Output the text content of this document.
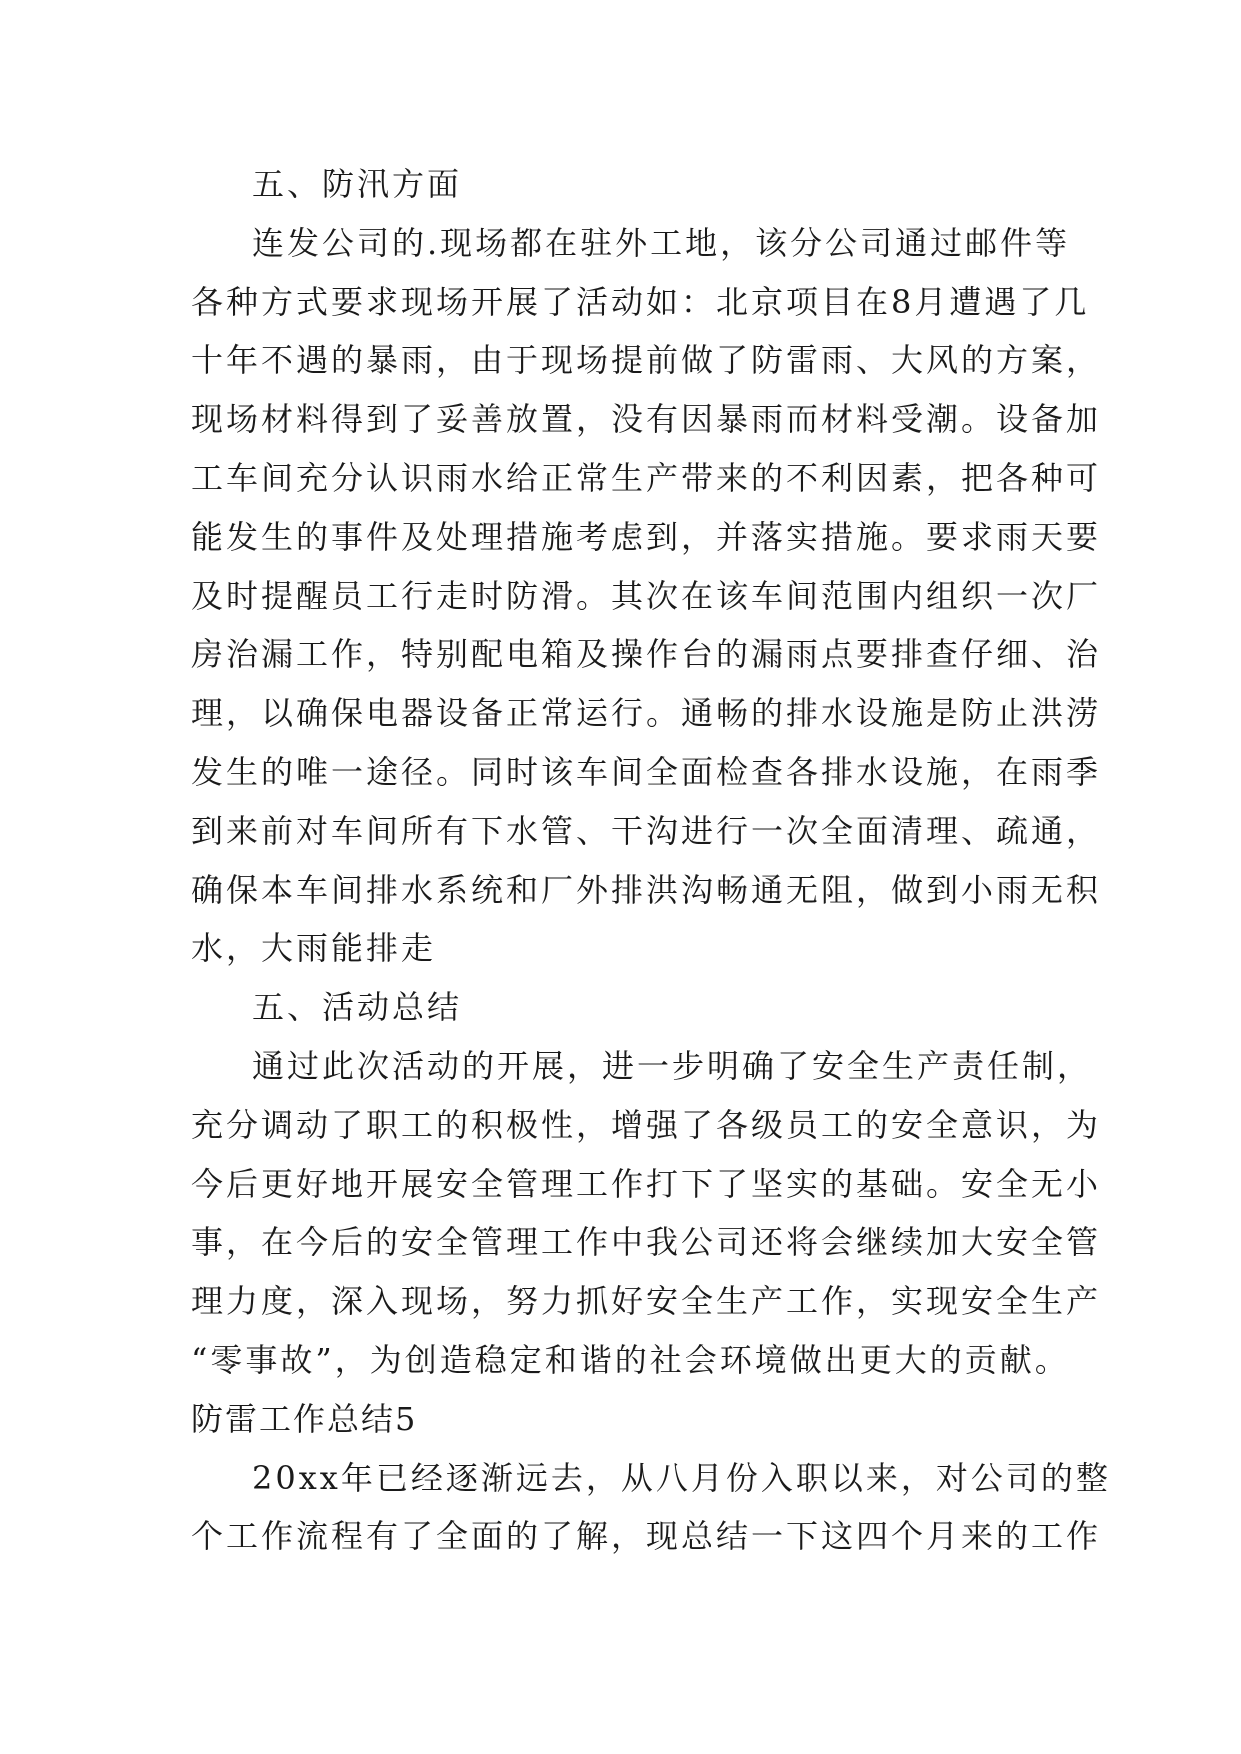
五、防汛方面
连发公司的.现场都在驻外工地，该分公司通过邮件等
各种方式要求现场开展了活动如：北京项目在8月遭遇了几
十年不遇的暴雨，由于现场提前做了防雷雨、大风的方案，
现场材料得到了妥善放置，没有因暴雨而材料受潮。设备加
工车间充分认识雨水给正常生产带来的不利因素，把各种可
能发生的事件及处理措施考虑到，并落实措施。要求雨天要
及时提醒员工行走时防滑。其次在该车间范围内组织一次厂
房治漏工作，特别配电箱及操作台的漏雨点要排查仔细、治
理，以确保电器设备正常运行。通畅的排水设施是防止洪涝
发生的唯一途径。同时该车间全面检查各排水设施，在雨季
到来前对车间所有下水管、干沟进行一次全面清理、疏通，
确保本车间排水系统和厂外排洪沟畅通无阻，做到小雨无积
水，大雨能排走
五、活动总结
通过此次活动的开展，进一步明确了安全生产责任制，
充分调动了职工的积极性，增强了各级员工的安全意识，为
今后更好地开展安全管理工作打下了坚实的基础。安全无小
事，在今后的安全管理工作中我公司还将会继续加大安全管
理力度，深入现场，努力抓好安全生产工作，实现安全生产
“零事故”，为创造稳定和谐的社会环境做出更大的贡献。
防雷工作总结5
20xx年已经逐渐远去，从八月份入职以来，对公司的整
个工作流程有了全面的了解，现总结一下这四个月来的工作
